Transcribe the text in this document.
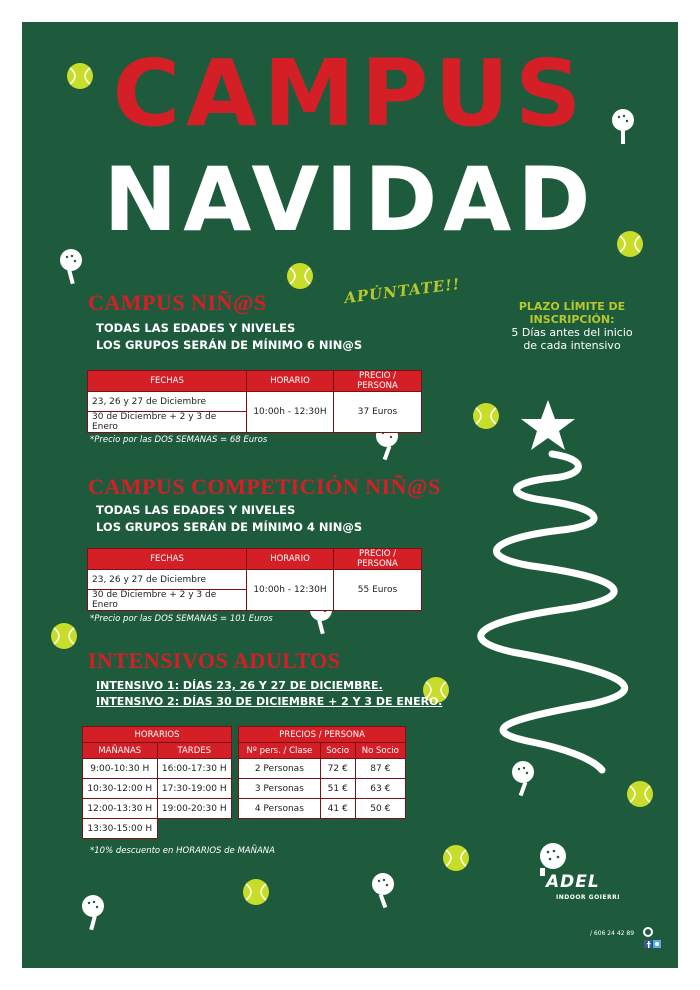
CAMPUS
NAVIDAD
APÚNTATE!!	PLAZO LÍMITE DE INSCRIPCIÓN:
5 Días antes del inicio
de cada intensivo
CAMPUS NIÑ@S
TODAS LAS EDADES Y NIVELES
LOS GRUPOS SERÁN DE MÍNIMO 6 NIN@S
FECHAS	HORARIO	PRECIO / PERSONA
23, 26 y 27 de Diciembre	10:00h - 12:30H	37 Euros
30 de Diciembre + 2 y 3 de Enero		
*Precio por las DOS SEMANAS = 68 Euros
CAMPUS COMPETICIÓN NIÑ@S
TODAS LAS EDADES Y NIVELES
LOS GRUPOS SERÁN DE MÍNIMO 4 NIN@S
FECHAS	HORARIO	PRECIO / PERSONA
23, 26 y 27 de Diciembre	10:00h - 12:30H	55 Euros
30 de Diciembre + 2 y 3 de Enero		
*Precio por las DOS SEMANAS = 101 Euros
INTENSIVOS ADULTOS
INTENSIVO 1: DÍAS 23, 26 Y 27 DE DICIEMBRE.
INTENSIVO 2: DÍAS 30 DE DICIEMBRE + 2 Y 3 DE ENERO.
HORARIOS	
MAÑANAS	TARDES
9:00-10:30 H	16:00-17:30 H
10:30-12:00 H	17:30-19:00 H
12:00-13:30 H	19:00-20:30 H
13:30-15:00 H	
PRECIOS / PERSONA		
Nº pers. / Clase	Socio	No Socio
2 Personas	72 €	87 €
3 Personas	51 €	63 €
4 Personas	41 €	50 €
*10% descuento en HORARIOS de MAÑANA
ADEL
INDOOR GOIERRI
/ 606 24 42 89
